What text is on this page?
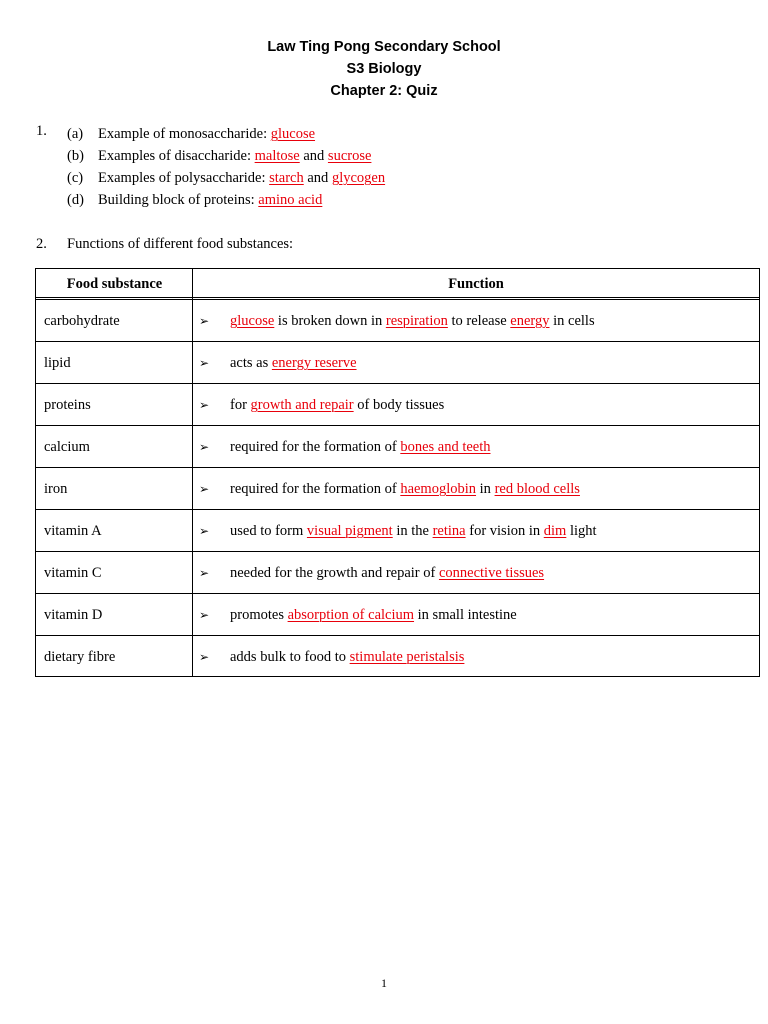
Law Ting Pong Secondary School
S3 Biology
Chapter 2: Quiz
1. (a) Example of monosaccharide: glucose
(b) Examples of disaccharide: maltose and sucrose
(c) Examples of polysaccharide: starch and glycogen
(d) Building block of proteins: amino acid
2. Functions of different food substances:
Food substance	Function
carbohydrate	➢ glucose is broken down in respiration to release energy in cells
lipid	➢ acts as energy reserve
proteins	➢ for growth and repair of body tissues
calcium	➢ required for the formation of bones and teeth
iron	➢ required for the formation of haemoglobin in red blood cells
vitamin A	➢ used to form visual pigment in the retina for vision in dim light
vitamin C	➢ needed for the growth and repair of connective tissues
vitamin D	➢ promotes absorption of calcium in small intestine
dietary fibre	➢ adds bulk to food to stimulate peristalsis
1
